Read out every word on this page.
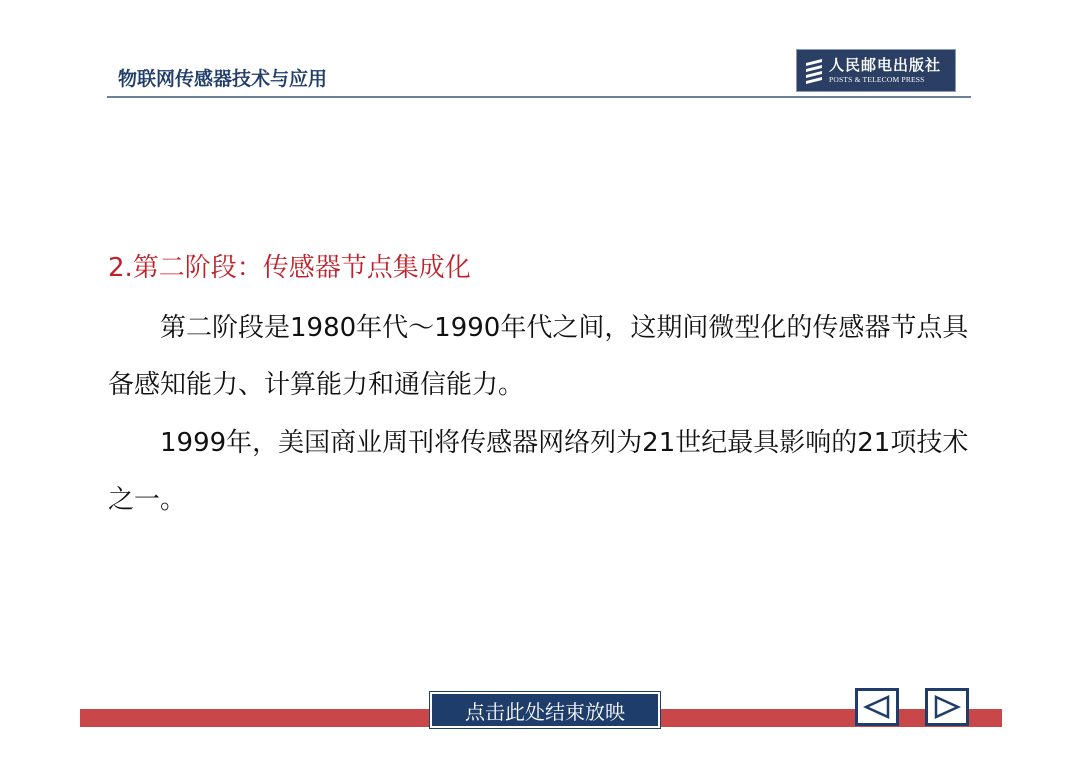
物联网传感器技术与应用
人民邮电出版社
POSTS & TELECOM PRESS
2.第二阶段：传感器节点集成化
第二阶段是1980年代～1990年代之间，这期间微型化的传感器节点具备感知能力、计算能力和通信能力。
1999年，美国商业周刊将传感器网络列为21世纪最具影响的21项技术之一。
点击此处结束放映
